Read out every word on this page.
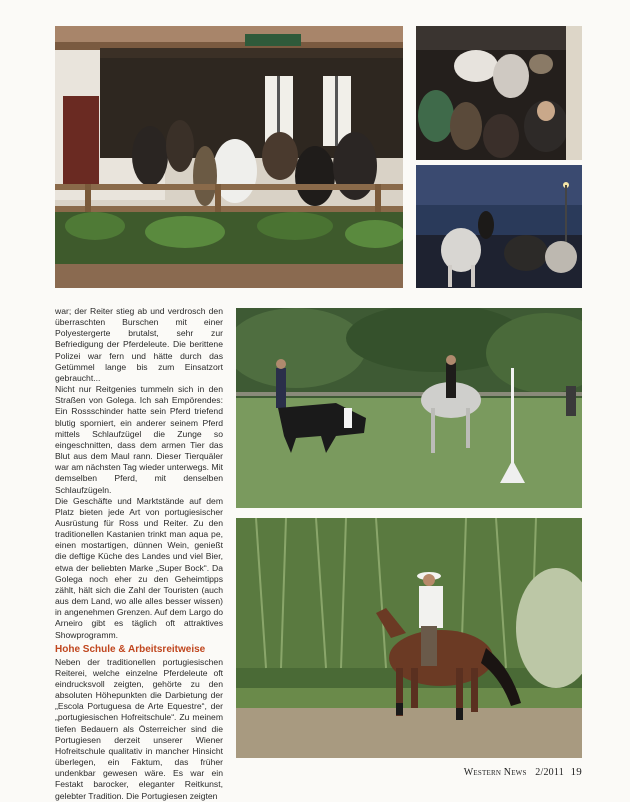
war; der Reiter stieg ab und verdrosch den überraschten Burschen mit einer Polyestergerte brutalst, sehr zur Befriedigung der Pferdeleute. Die berittene Polizei war fern und hätte durch das Getümmel lange bis zum Einsatzort gebraucht...

Nicht nur Reitgenies tummeln sich in den Straßen von Golega. Ich sah Empörendes: Ein Rossschinder hatte sein Pferd triefend blutig sporniert, ein anderer seinem Pferd mittels Schlaufzügel die Zunge so eingeschnitten, dass dem armen Tier das Blut aus dem Maul rann. Dieser Tierquäler war am nächsten Tag wieder unterwegs. Mit demselben Pferd, mit denselben Schlaufzügeln.

Die Geschäfte und Marktstände auf dem Platz bieten jede Art von portugiesischer Ausrüstung für Ross und Reiter. Zu den traditionellen Kastanien trinkt man aqua pe, einen mostartigen, dünnen Wein, genießt die deftige Küche des Landes und viel Bier, etwa der beliebten Marke „Super Bock“. Da Golega noch eher zu den Geheimtipps zählt, hält sich die Zahl der Touristen (auch aus dem Land, wo alle alles besser wissen) in angenehmen Grenzen. Auf dem Largo do Arneiro gibt es täglich oft attraktives Showprogramm.

Hohe Schule & Arbeitsreitweise

Neben der traditionellen portugiesischen Reiterei, welche einzelne Pferdeleute oft eindrucksvoll zeigten, gehörte zu den absoluten Höhepunkten die Darbietung der „Escola Portuguesa de Arte Equestre“, der „portugiesischen Hofreitschule“. Zu meinem tiefen Bedauern als Österreicher sind die Portugiesen derzeit unserer Wiener Hofreitschule qualitativ in mancher Hinsicht überlegen, ein Faktum, das früher undenkbar gewesen wäre. Es war ein Festakt barocker, eleganter Reitkunst, gelebter Tradition. Die Portugiesen zeigten

Western News 2/2011 19
